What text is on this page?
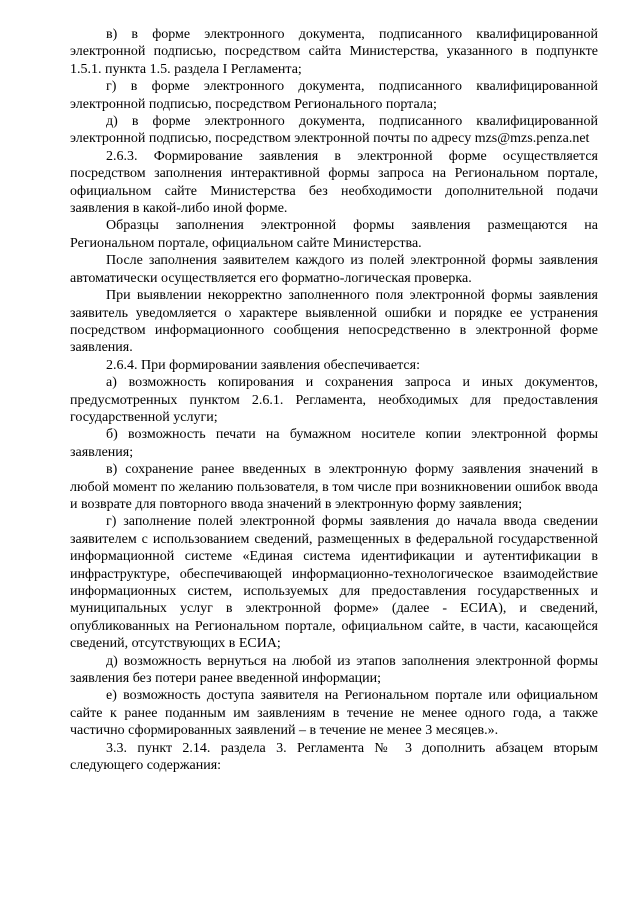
в) в форме электронного документа, подписанного квалифицированной электронной подписью, посредством сайта Министерства, указанного в подпункте 1.5.1. пункта 1.5. раздела I Регламента;

г) в форме электронного документа, подписанного квалифицированной электронной подписью, посредством Регионального портала;

д) в форме электронного документа, подписанного квалифицированной электронной подписью, посредством электронной почты по адресу mzs@mzs.penza.net

2.6.3. Формирование заявления в электронной форме осуществляется посредством заполнения интерактивной формы запроса на Региональном портале, официальном сайте Министерства без необходимости дополнительной подачи заявления в какой-либо иной форме.

Образцы заполнения электронной формы заявления размещаются на Региональном портале, официальном сайте Министерства.

После заполнения заявителем каждого из полей электронной формы заявления автоматически осуществляется его форматно-логическая проверка.

При выявлении некорректно заполненного поля электронной формы заявления заявитель уведомляется о характере выявленной ошибки и порядке ее устранения посредством информационного сообщения непосредственно в электронной форме заявления.

2.6.4. При формировании заявления обеспечивается:

а) возможность копирования и сохранения запроса и иных документов, предусмотренных пунктом 2.6.1. Регламента, необходимых для предоставления государственной услуги;

б) возможность печати на бумажном носителе копии электронной формы заявления;

в) сохранение ранее введенных в электронную форму заявления значений в любой момент по желанию пользователя, в том числе при возникновении ошибок ввода и возврате для повторного ввода значений в электронную форму заявления;

г) заполнение полей электронной формы заявления до начала ввода сведении заявителем с использованием сведений, размещенных в федеральной государственной информационной системе «Единая система идентификации и аутентификации в инфраструктуре, обеспечивающей информационно-технологическое взаимодействие информационных систем, используемых для предоставления государственных и муниципальных услуг в электронной форме» (далее - ЕСИА), и сведений, опубликованных на Региональном портале, официальном сайте, в части, касающейся сведений, отсутствующих в ЕСИА;

д) возможность вернуться на любой из этапов заполнения электронной формы заявления без потери ранее введенной информации;

е) возможность доступа заявителя на Региональном портале или официальном сайте к ранее поданным им заявлениям в течение не менее одного года, а также частично сформированных заявлений – в течение не менее 3 месяцев.».

3.3. пункт 2.14. раздела 3. Регламента № 3 дополнить абзацем вторым следующего содержания:
